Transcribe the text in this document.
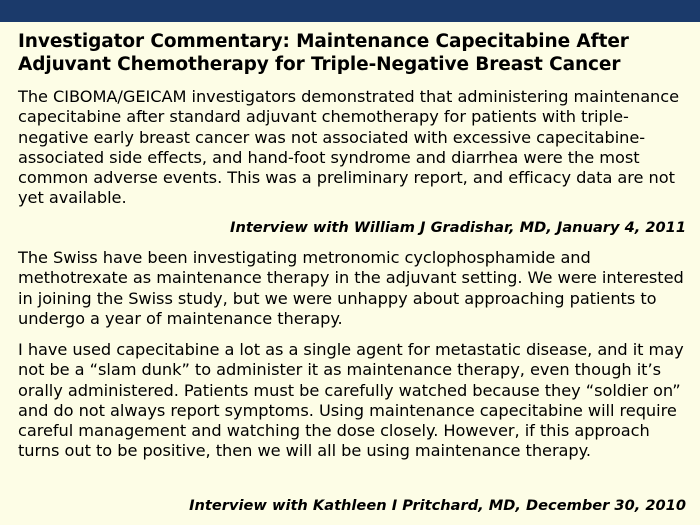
Investigator Commentary: Maintenance Capecitabine After Adjuvant Chemotherapy for Triple-Negative Breast Cancer

The CIBOMA/GEICAM investigators demonstrated that administering maintenance capecitabine after standard adjuvant chemotherapy for patients with triple-negative early breast cancer was not associated with excessive capecitabine-associated side effects, and hand-foot syndrome and diarrhea were the most common adverse events. This was a preliminary report, and efficacy data are not yet available.

Interview with William J Gradishar, MD, January 4, 2011

The Swiss have been investigating metronomic cyclophosphamide and methotrexate as maintenance therapy in the adjuvant setting. We were interested in joining the Swiss study, but we were unhappy about approaching patients to undergo a year of maintenance therapy.

I have used capecitabine a lot as a single agent for metastatic disease, and it may not be a “slam dunk” to administer it as maintenance therapy, even though it’s orally administered. Patients must be carefully watched because they “soldier on” and do not always report symptoms. Using maintenance capecitabine will require careful management and watching the dose closely. However, if this approach turns out to be positive, then we will all be using maintenance therapy.

Interview with Kathleen I Pritchard, MD, December 30, 2010
